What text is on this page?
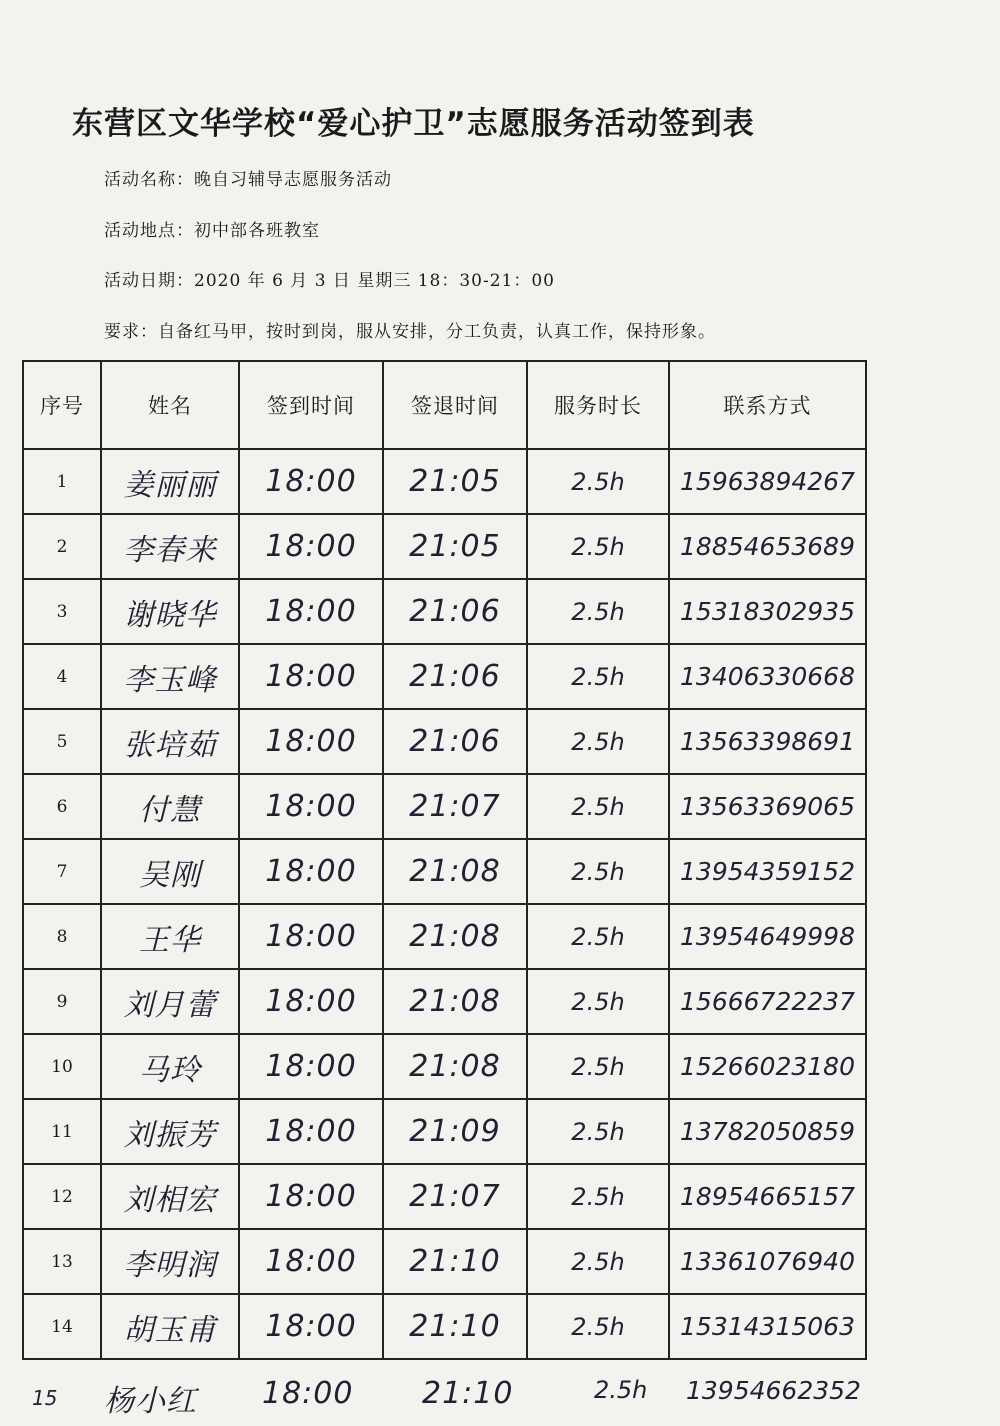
东营区文华学校“爱心护卫”志愿服务活动签到表
活动名称：晚自习辅导志愿服务活动
活动地点：初中部各班教室
活动日期：2020 年 6 月 3 日 星期三 18：30-21：00
要求：自备红马甲，按时到岗，服从安排，分工负责，认真工作，保持形象。
序号	姓名	签到时间	签退时间	服务时长	联系方式
1	姜丽丽	18:00	21:05	2.5h	15963894267
2	李春来	18:00	21:05	2.5h	18854653689
3	谢晓华	18:00	21:06	2.5h	15318302935
4	李玉峰	18:00	21:06	2.5h	13406330668
5	张培茹	18:00	21:06	2.5h	13563398691
6	付慧	18:00	21:07	2.5h	13563369065
7	吴刚	18:00	21:08	2.5h	13954359152
8	王华	18:00	21:08	2.5h	13954649998
9	刘月蕾	18:00	21:08	2.5h	15666722237
10	马玲	18:00	21:08	2.5h	15266023180
11	刘振芳	18:00	21:09	2.5h	13782050859
12	刘相宏	18:00	21:07	2.5h	18954665157
13	李明润	18:00	21:10	2.5h	13361076940
14	胡玉甫	18:00	21:10	2.5h	15314315063
15 杨小红 18:00 21:10	2.5h 13954662352
